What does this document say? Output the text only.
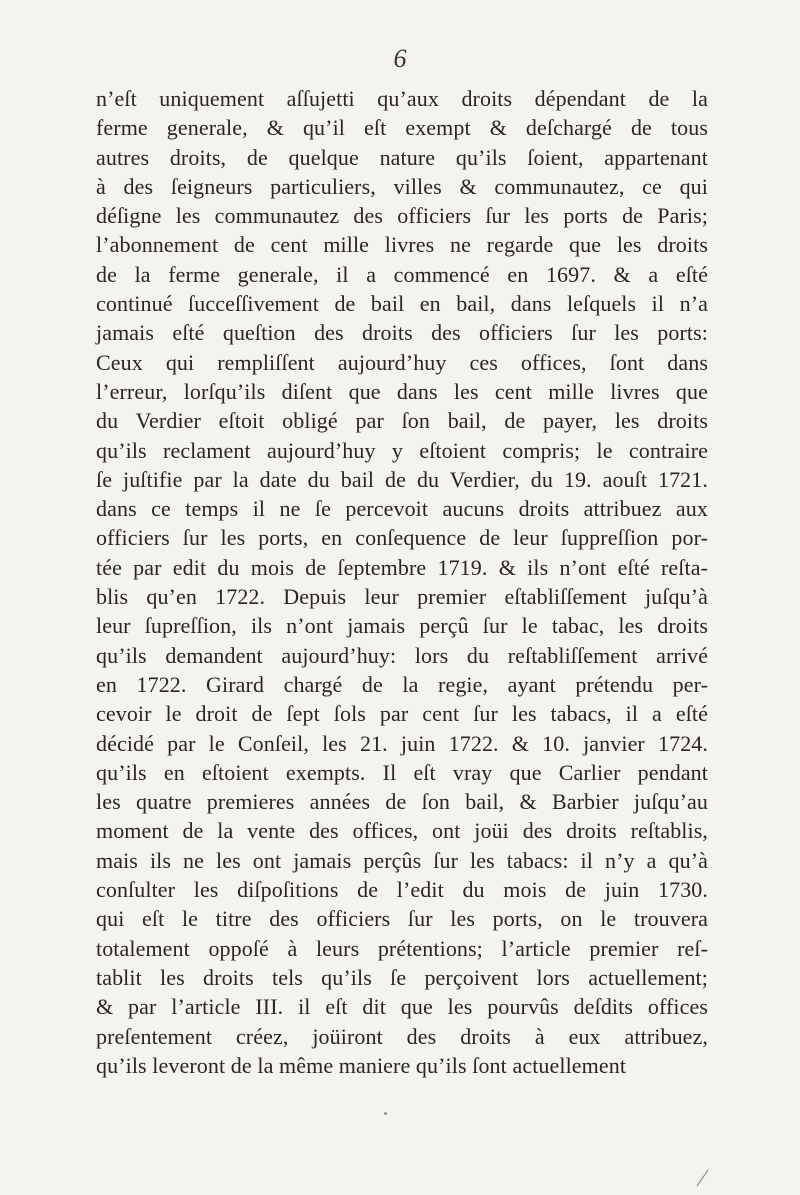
6
n’eſt uniquement aſſujetti qu’aux droits dépendant de la
ferme generale, & qu’il eſt exempt & deſchargé de tous
autres droits, de quelque nature qu’ils ſoient, appartenant
à des ſeigneurs particuliers, villes & communautez, ce qui
déſigne les communautez des officiers ſur les ports de Paris;
l’abonnement de cent mille livres ne regarde que les droits
de la ferme generale, il a commencé en 1697. & a eſté
continué ſucceſſivement de bail en bail, dans leſquels il n’a
jamais eſté queſtion des droits des officiers ſur les ports:
Ceux qui rempliſſent aujourd’huy ces offices, ſont dans
l’erreur, lorſqu’ils diſent que dans les cent mille livres que
du Verdier eſtoit obligé par ſon bail, de payer, les droits
qu’ils reclament aujourd’huy y eſtoient compris; le contraire
ſe juſtifie par la date du bail de du Verdier, du 19. aouſt 1721.
dans ce temps il ne ſe percevoit aucuns droits attribuez aux
officiers ſur les ports, en conſequence de leur ſuppreſſion por-
tée par edit du mois de ſeptembre 1719. & ils n’ont eſté reſta-
blis qu’en 1722. Depuis leur premier eſtabliſſement juſqu’à
leur ſupreſſion, ils n’ont jamais perçû ſur le tabac, les droits
qu’ils demandent aujourd’huy: lors du reſtabliſſement arrivé
en 1722. Girard chargé de la regie, ayant prétendu per-
cevoir le droit de ſept ſols par cent ſur les tabacs, il a eſté
décidé par le Conſeil, les 21. juin 1722. & 10. janvier 1724.
qu’ils en eſtoient exempts. Il eſt vray que Carlier pendant
les quatre premieres années de ſon bail, & Barbier juſqu’au
moment de la vente des offices, ont joüi des droits reſtablis,
mais ils ne les ont jamais perçûs ſur les tabacs: il n’y a qu’à
conſulter les diſpoſitions de l’edit du mois de juin 1730.
qui eſt le titre des officiers ſur les ports, on le trouvera
totalement oppoſé à leurs prétentions; l’article premier reſ-
tablit les droits tels qu’ils ſe perçoivent lors actuellement;
& par l’article III. il eſt dit que les pourvûs deſdits offices
preſentement créez, joüiront des droits à eux attribuez,
qu’ils leveront de la même maniere qu’ils ſont actuellement
